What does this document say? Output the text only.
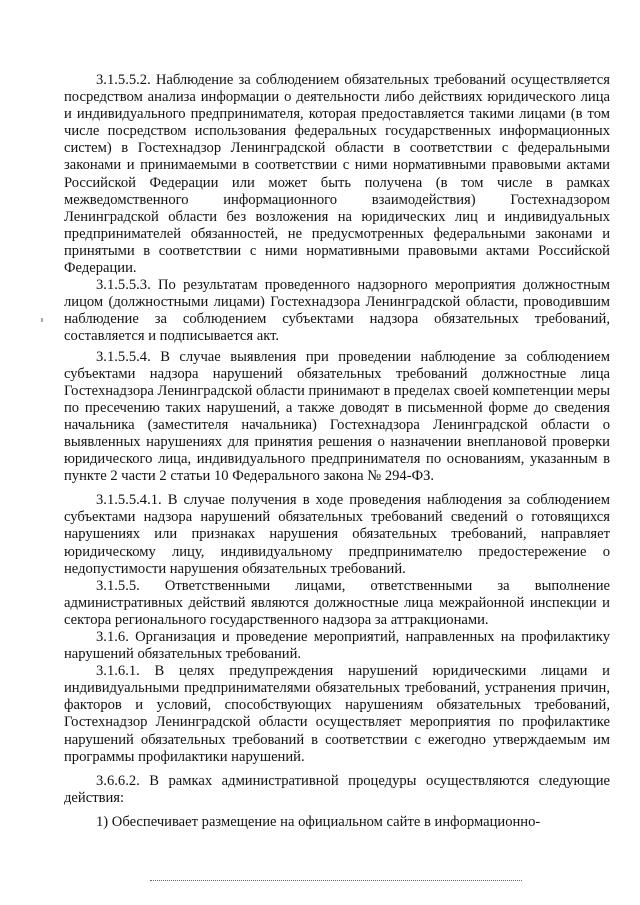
3.1.5.5.2. Наблюдение за соблюдением обязательных требований осуществляется посредством анализа информации о деятельности либо действиях юридического лица и индивидуального предпринимателя, которая предоставляется такими лицами (в том числе посредством использования федеральных государственных информационных систем) в Гостехнадзор Ленинградской области в соответствии с федеральными законами и принимаемыми в соответствии с ними нормативными правовыми актами Российской Федерации или может быть получена (в том числе в рамках межведомственного информационного взаимодействия) Гостехнадзором Ленинградской области без возложения на юридических лиц и индивидуальных предпринимателей обязанностей, не предусмотренных федеральными законами и принятыми в соответствии с ними нормативными правовыми актами Российской Федерации.

3.1.5.5.3. По результатам проведенного надзорного мероприятия должностным лицом (должностными лицами) Гостехнадзора Ленинградской области, проводившим наблюдение за соблюдением субъектами надзора обязательных требований, составляется и подписывается акт.

3.1.5.5.4. В случае выявления при проведении наблюдение за соблюдением субъектами надзора нарушений обязательных требований должностные лица Гостехнадзора Ленинградской области принимают в пределах своей компетенции меры по пресечению таких нарушений, а также доводят в письменной форме до сведения начальника (заместителя начальника) Гостехнадзора Ленинградской области о выявленных нарушениях для принятия решения о назначении внеплановой проверки юридического лица, индивидуального предпринимателя по основаниям, указанным в пункте 2 части 2 статьи 10 Федерального закона № 294-ФЗ.

3.1.5.5.4.1. В случае получения в ходе проведения наблюдения за соблюдением субъектами надзора нарушений обязательных требований сведений о готовящихся нарушениях или признаках нарушения обязательных требований, направляет юридическому лицу, индивидуальному предпринимателю предостережение о недопустимости нарушения обязательных требований.

3.1.5.5. Ответственными лицами, ответственными за выполнение административных действий являются должностные лица межрайонной инспекции и сектора регионального государственного надзора за аттракционами.

3.1.6. Организация и проведение мероприятий, направленных на профилактику нарушений обязательных требований.

3.1.6.1. В целях предупреждения нарушений юридическими лицами и индивидуальными предпринимателями обязательных требований, устранения причин, факторов и условий, способствующих нарушениям обязательных требований, Гостехнадзор Ленинградской области осуществляет мероприятия по профилактике нарушений обязательных требований в соответствии с ежегодно утверждаемым им программы профилактики нарушений.

3.6.6.2. В рамках административной процедуры осуществляются следующие действия:

1) Обеспечивает размещение на официальном сайте в информационно-
